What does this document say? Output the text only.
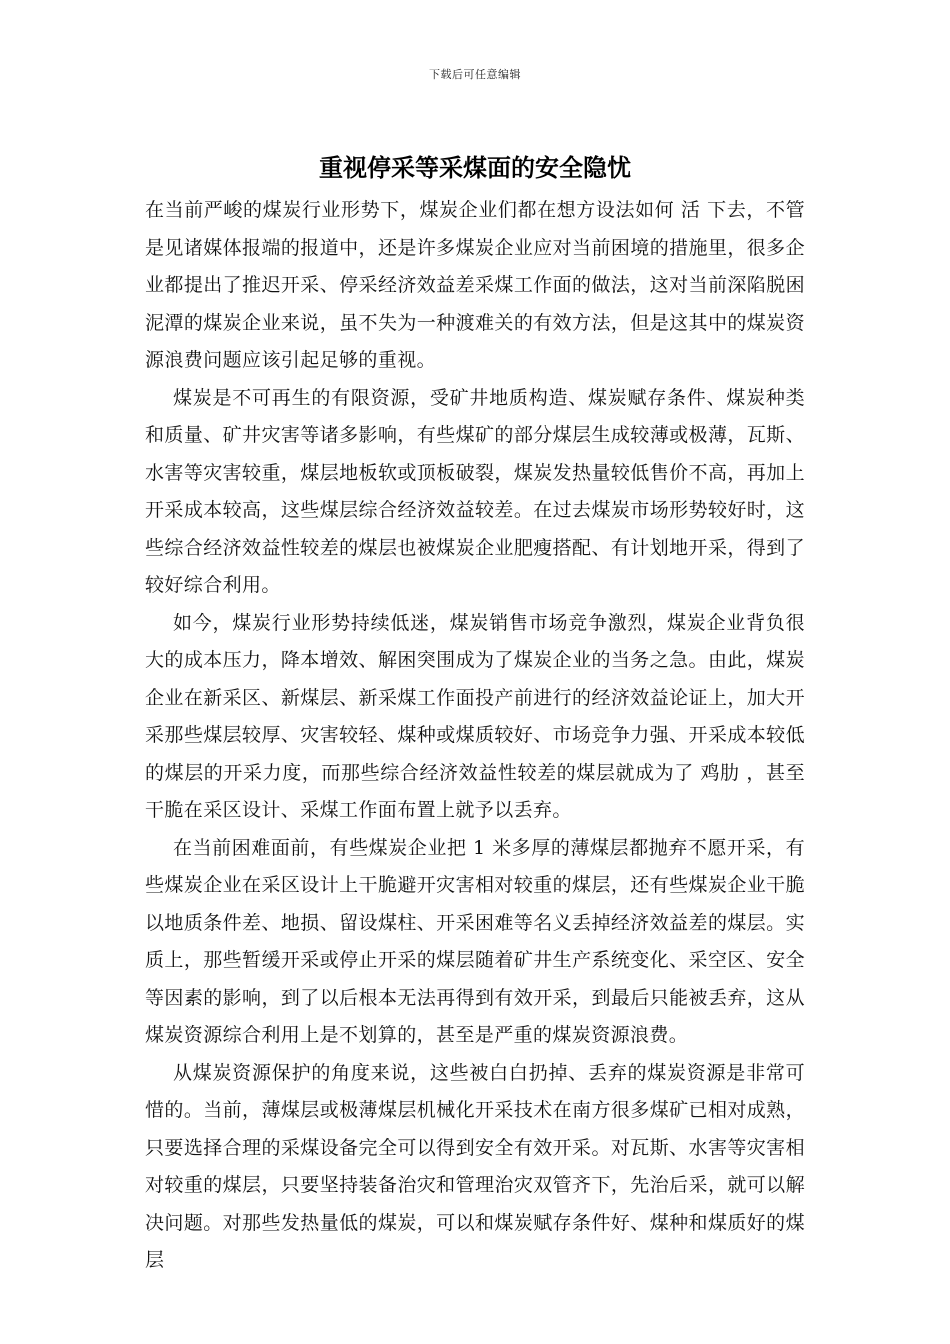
下载后可任意编辑
重视停采等采煤面的安全隐忧

在当前严峻的煤炭行业形势下，煤炭企业们都在想方设法如何 活 下去，不管是见诸媒体报端的报道中，还是许多煤炭企业应对当前困境的措施里，很多企业都提出了推迟开采、停采经济效益差采煤工作面的做法，这对当前深陷脱困泥潭的煤炭企业来说，虽不失为一种渡难关的有效方法，但是这其中的煤炭资源浪费问题应该引起足够的重视。

煤炭是不可再生的有限资源，受矿井地质构造、煤炭赋存条件、煤炭种类和质量、矿井灾害等诸多影响，有些煤矿的部分煤层生成较薄或极薄，瓦斯、水害等灾害较重，煤层地板软或顶板破裂，煤炭发热量较低售价不高，再加上开采成本较高，这些煤层综合经济效益较差。在过去煤炭市场形势较好时，这些综合经济效益性较差的煤层也被煤炭企业肥瘦搭配、有计划地开采，得到了较好综合利用。

如今，煤炭行业形势持续低迷，煤炭销售市场竞争激烈，煤炭企业背负很大的成本压力，降本增效、解困突围成为了煤炭企业的当务之急。由此，煤炭企业在新采区、新煤层、新采煤工作面投产前进行的经济效益论证上，加大开采那些煤层较厚、灾害较轻、煤种或煤质较好、市场竞争力强、开采成本较低的煤层的开采力度，而那些综合经济效益性较差的煤层就成为了 鸡肋 ，甚至干脆在采区设计、采煤工作面布置上就予以丢弃。

在当前困难面前，有些煤炭企业把 1 米多厚的薄煤层都抛弃不愿开采，有些煤炭企业在采区设计上干脆避开灾害相对较重的煤层，还有些煤炭企业干脆以地质条件差、地损、留设煤柱、开采困难等名义丢掉经济效益差的煤层。实质上，那些暂缓开采或停止开采的煤层随着矿井生产系统变化、采空区、安全等因素的影响，到了以后根本无法再得到有效开采，到最后只能被丢弃，这从煤炭资源综合利用上是不划算的，甚至是严重的煤炭资源浪费。

从煤炭资源保护的角度来说，这些被白白扔掉、丢弃的煤炭资源是非常可惜的。当前，薄煤层或极薄煤层机械化开采技术在南方很多煤矿已相对成熟，只要选择合理的采煤设备完全可以得到安全有效开采。对瓦斯、水害等灾害相对较重的煤层，只要坚持装备治灾和管理治灾双管齐下，先治后采，就可以解决问题。对那些发热量低的煤炭，可以和煤炭赋存条件好、煤种和煤质好的煤层
